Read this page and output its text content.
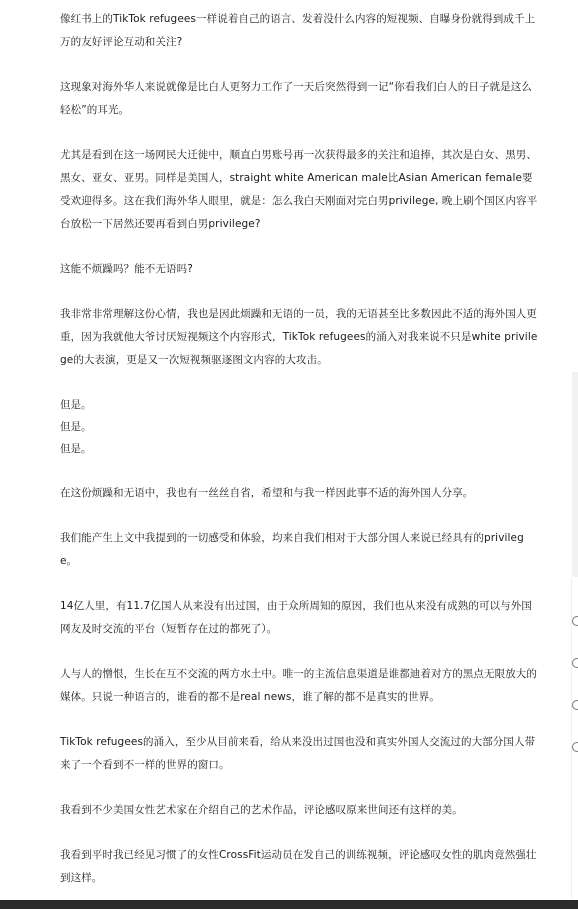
像红书上的TikTok refugees一样说着自己的语言、发着没什么内容的短视频、自曝身份就得到成千上万的友好评论互动和关注?

这现象对海外华人来说就像是比白人更努力工作了一天后突然得到一记“你看我们白人的日子就是这么轻松”的耳光。

尤其是看到在这一场网民大迁徙中，顺直白男账号再一次获得最多的关注和追捧，其次是白女、黑男、黑女、亚女、亚男。同样是美国人，straight white American male比Asian American female要受欢迎得多。这在我们海外华人眼里，就是：怎么我白天刚面对完白男privilege, 晚上刷个国区内容平台放松一下居然还要再看到白男privilege?

这能不烦躁吗？能不无语吗?

我非常非常理解这份心情，我也是因此烦躁和无语的一员，我的无语甚至比多数因此不适的海外国人更重，因为我就他大爷讨厌短视频这个内容形式，TikTok refugees的涌入对我来说不只是white privilege的大表演，更是又一次短视频驱逐图文内容的大攻击。

但是。

但是。

但是。

在这份烦躁和无语中，我也有一丝丝自省，希望和与我一样因此事不适的海外国人分享。

我们能产生上文中我提到的一切感受和体验，均来自我们相对于大部分国人来说已经具有的privilege。

14亿人里，有11.7亿国人从来没有出过国，由于众所周知的原因，我们也从来没有成熟的可以与外国网友及时交流的平台（短暂存在过的都死了）。

人与人的憎恨，生长在互不交流的两方水土中。唯一的主流信息渠道是谁都迪着对方的黑点无限放大的媒体。只说一种语言的，谁看的都不是real news，谁了解的都不是真实的世界。

TikTok refugees的涌入，至少从目前来看，给从来没出过国也没和真实外国人交流过的大部分国人带来了一个看到不一样的世界的窗口。

我看到不少美国女性艺术家在介绍自己的艺术作品，评论感叹原来世间还有这样的美。

我看到平时我已经见习惯了的女性CrossFit运动员在发自己的训练视频，评论感叹女性的肌肉竟然强壮到这样。
